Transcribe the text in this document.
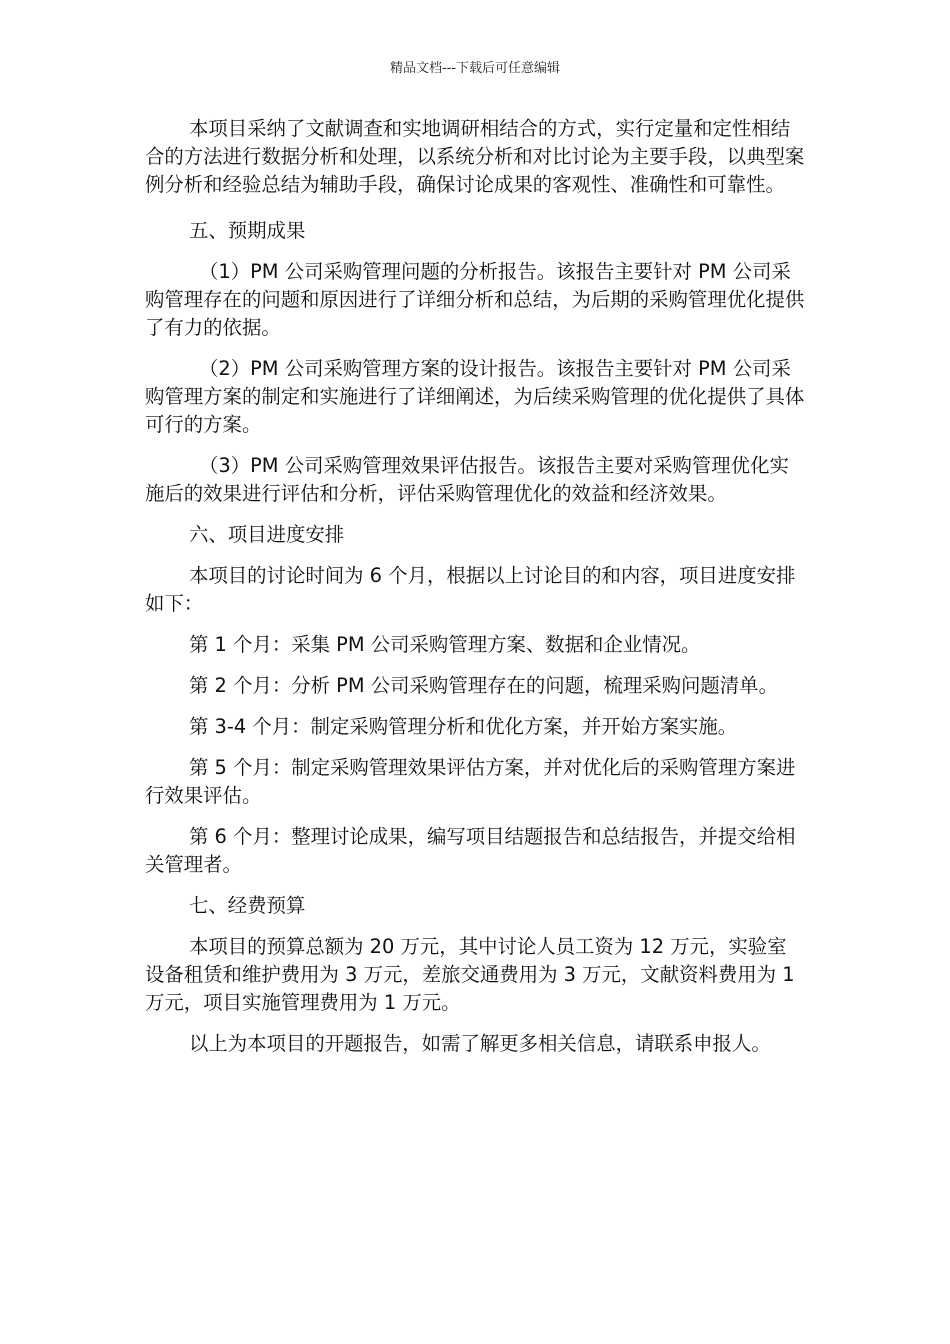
精品文档---下载后可任意编辑

本项目采纳了文献调查和实地调研相结合的方式，实行定量和定性相结合的方法进行数据分析和处理，以系统分析和对比讨论为主要手段，以典型案例分析和经验总结为辅助手段，确保讨论成果的客观性、准确性和可靠性。

五、预期成果

（1）PM 公司采购管理问题的分析报告。该报告主要针对 PM 公司采购管理存在的问题和原因进行了详细分析和总结，为后期的采购管理优化提供了有力的依据。

（2）PM 公司采购管理方案的设计报告。该报告主要针对 PM 公司采购管理方案的制定和实施进行了详细阐述，为后续采购管理的优化提供了具体可行的方案。

（3）PM 公司采购管理效果评估报告。该报告主要对采购管理优化实施后的效果进行评估和分析，评估采购管理优化的效益和经济效果。

六、项目进度安排

本项目的讨论时间为 6 个月，根据以上讨论目的和内容，项目进度安排如下：

第 1 个月：采集 PM 公司采购管理方案、数据和企业情况。

第 2 个月：分析 PM 公司采购管理存在的问题，梳理采购问题清单。

第 3-4 个月：制定采购管理分析和优化方案，并开始方案实施。

第 5 个月：制定采购管理效果评估方案，并对优化后的采购管理方案进行效果评估。

第 6 个月：整理讨论成果，编写项目结题报告和总结报告，并提交给相关管理者。

七、经费预算

本项目的预算总额为 20 万元，其中讨论人员工资为 12 万元，实验室设备租赁和维护费用为 3 万元，差旅交通费用为 3 万元，文献资料费用为 1 万元，项目实施管理费用为 1 万元。

以上为本项目的开题报告，如需了解更多相关信息，请联系申报人。
